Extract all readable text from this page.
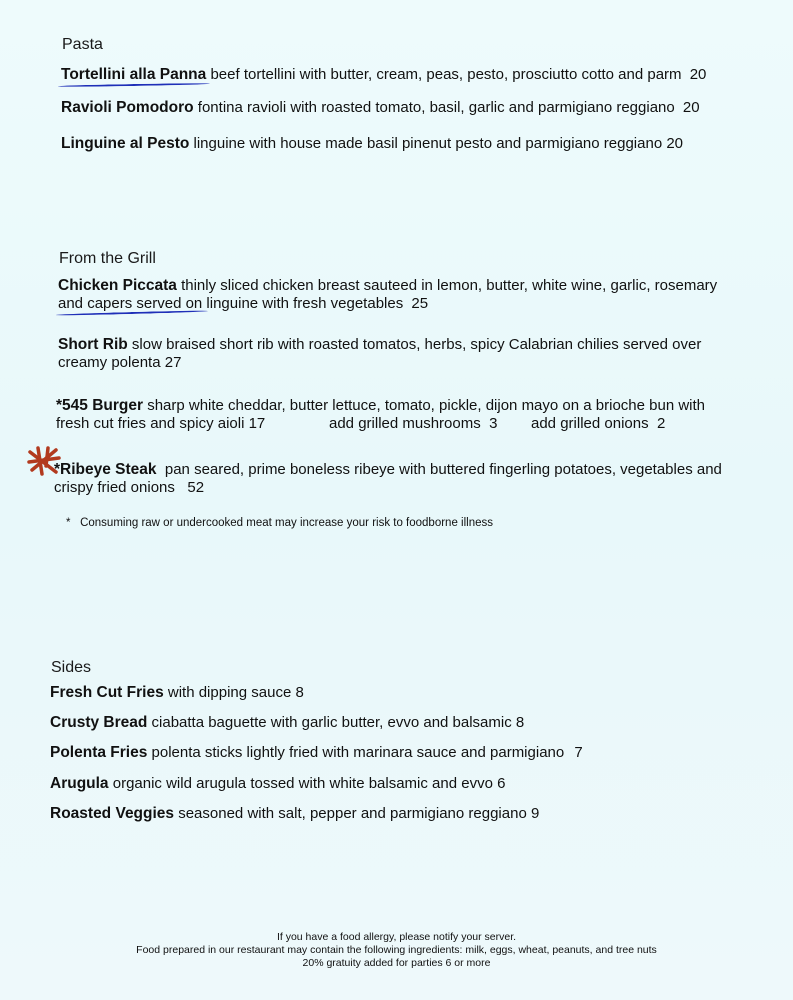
Pasta
Tortellini alla Panna beef tortellini with butter, cream, peas, pesto, prosciutto cotto and parm 20
Ravioli Pomodoro fontina ravioli with roasted tomato, basil, garlic and parmigiano reggiano 20
Linguine al Pesto linguine with house made basil pinenut pesto and parmigiano reggiano 20
From the Grill
Chicken Piccata thinly sliced chicken breast sauteed in lemon, butter, white wine, garlic, rosemary
and capers served on linguine with fresh vegetables 25
Short Rib slow braised short rib with roasted tomatos, herbs, spicy Calabrian chilies served over
creamy polenta 27
*545 Burger sharp white cheddar, butter lettuce, tomato, pickle, dijon mayo on a brioche bun with
fresh cut fries and spicy aioli 17	add grilled mushrooms 3 add grilled onions 2
*Ribeye Steak pan seared, prime boneless ribeye with buttered fingerling potatoes, vegetables and
crispy fried onions 52
* Consuming raw or undercooked meat may increase your risk to foodborne illness
Sides
Fresh Cut Fries with dipping sauce 8
Crusty Bread ciabatta baguette with garlic butter, evvo and balsamic 8
Polenta Fries polenta sticks lightly fried with marinara sauce and parmigiano 7
Arugula organic wild arugula tossed with white balsamic and evvo 6
Roasted Veggies seasoned with salt, pepper and parmigiano reggiano 9
If you have a food allergy, please notify your server.
Food prepared in our restaurant may contain the following ingredients: milk, eggs, wheat, peanuts, and tree nuts
20% gratuity added for parties 6 or more
